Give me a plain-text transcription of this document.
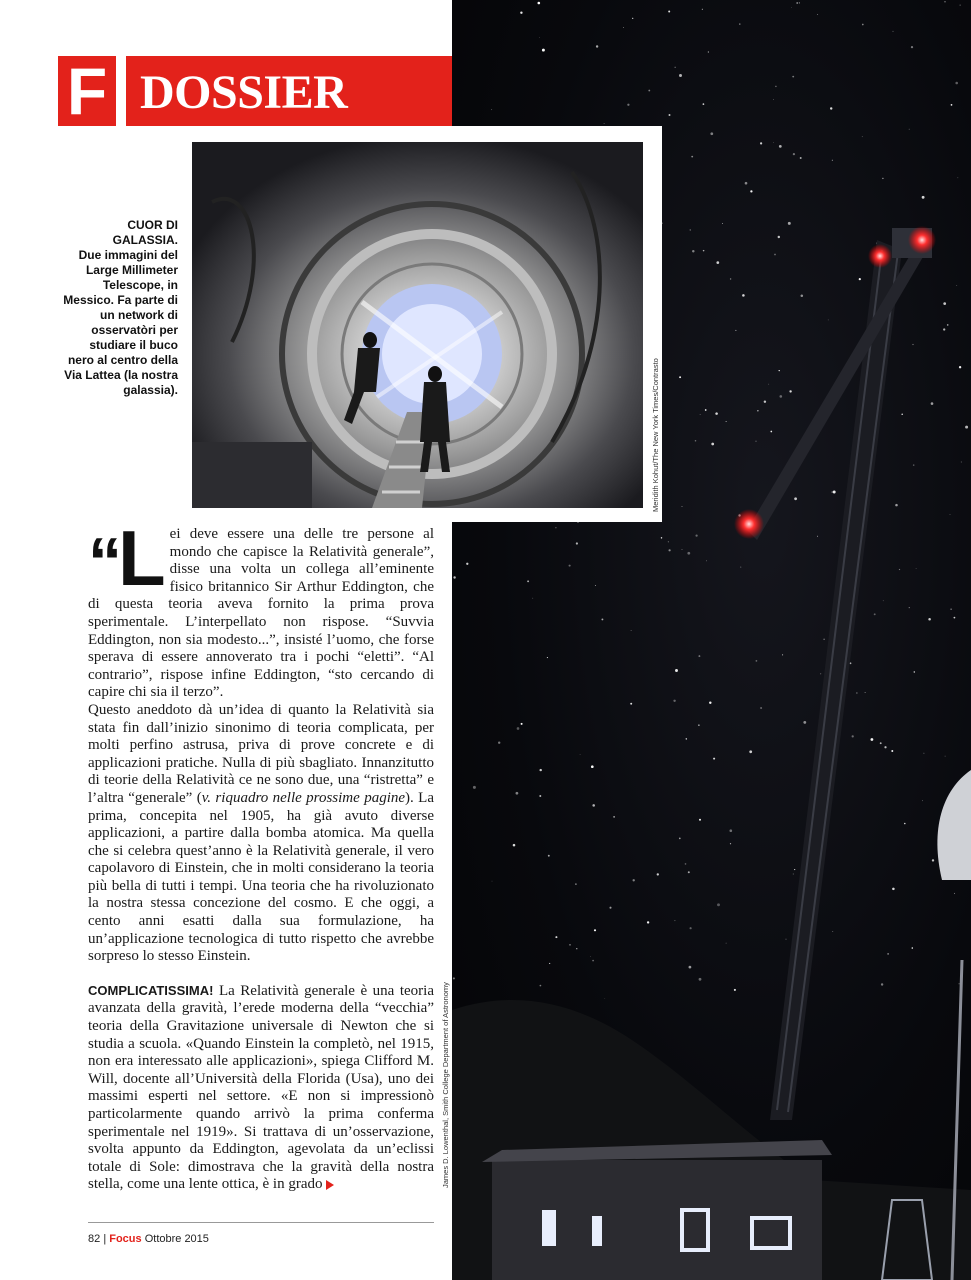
F DOSSIER
Meridith Kohut/The New York Times/Contrasto
CUOR DI GALASSIA.
Due immagini del Large Millimeter Telescope, in Messico. Fa parte di un network di osservatòri per studiare il buco nero al centro della Via Lattea (la nostra galassia).
“L ei deve essere una delle tre persone al mondo che capisce la Relatività generale”, disse una volta un collega all’eminente fisico britannico Sir Arthur Eddington, che di questa teoria aveva fornito la prima prova sperimentale. L’interpellato non rispose. “Suvvia Eddington, non sia modesto...”, insisté l’uomo, che forse sperava di essere annoverato tra i pochi “eletti”. “Al contrario”, rispose infine Eddington, “sto cercando di capire chi sia il terzo”.

Questo aneddoto dà un’idea di quanto la Relatività sia stata fin dall’inizio sinonimo di teoria complicata, per molti perfino astrusa, priva di prove concrete e di applicazioni pratiche. Nulla di più sbagliato. Innanzitutto di teorie della Relatività ce ne sono due, una “ristretta” e l’altra “generale” (v. riquadro nelle prossime pagine). La prima, concepita nel 1905, ha già avuto diverse applicazioni, a partire dalla bomba atomica. Ma quella che si celebra quest’anno è la Relatività generale, il vero capolavoro di Einstein, che in molti considerano la teoria più bella di tutti i tempi. Una teoria che ha rivoluzionato la nostra stessa concezione del cosmo. E che oggi, a cento anni esatti dalla sua formulazione, ha un’applicazione tecnologica di tutto rispetto che avrebbe sorpreso lo stesso Einstein.

COMPLICATISSIMA! La Relatività generale è una teoria avanzata della gravità, l’erede moderna della “vecchia” teoria della Gravitazione universale di Newton che si studia a scuola. «Quando Einstein la completò, nel 1915, non era interessato alle applicazioni», spiega Clifford M. Will, docente all’Università della Florida (Usa), uno dei massimi esperti nel settore. «E non si impressionò particolarmente quando arrivò la prima conferma sperimentale nel 1919». Si trattava di un’osservazione, svolta appunto da Eddington, agevolata da un’eclissi totale di Sole: dimostrava che la gravità della nostra stella, come una lente ottica, è in grado	James D. Lowenthal, Smith College Department of Astronomy
82 | Focus Ottobre 2015
